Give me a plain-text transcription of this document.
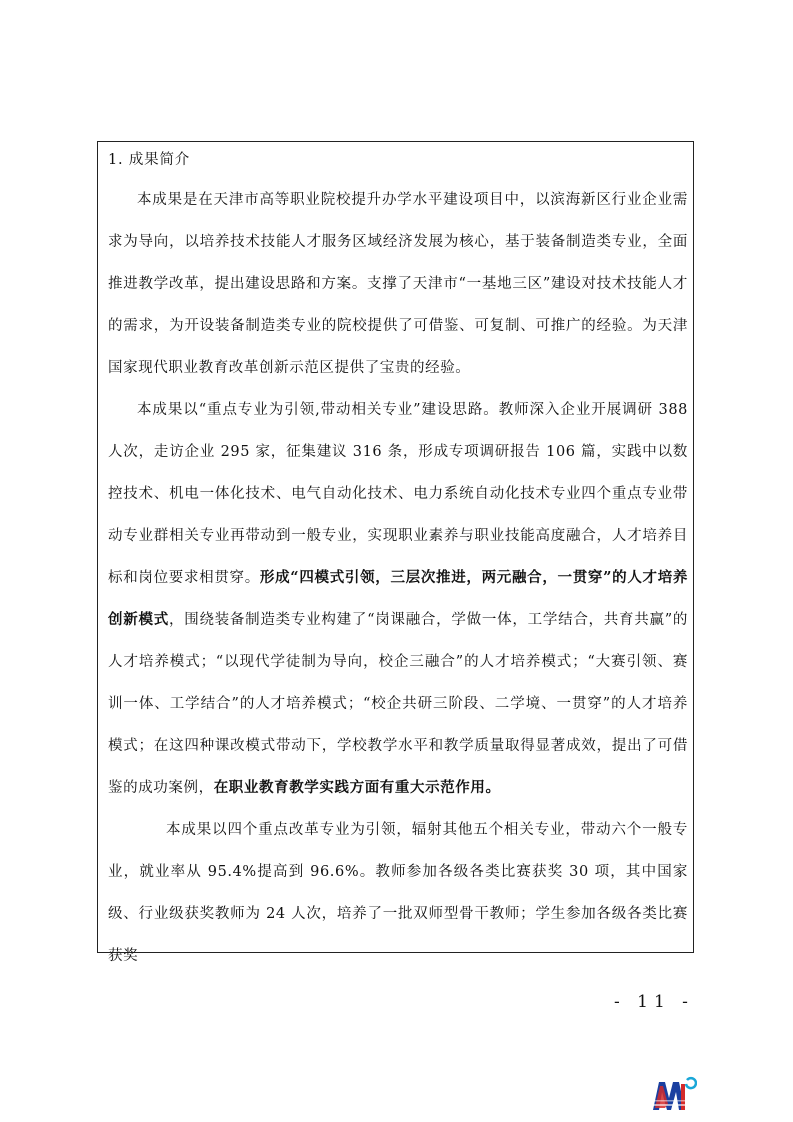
1. 成果简介

本成果是在天津市高等职业院校提升办学水平建设项目中，以滨海新区行业企业需求为导向，以培养技术技能人才服务区域经济发展为核心，基于装备制造类专业，全面推进教学改革，提出建设思路和方案。支撑了天津市“一基地三区”建设对技术技能人才的需求，为开设装备制造类专业的院校提供了可借鉴、可复制、可推广的经验。为天津国家现代职业教育改革创新示范区提供了宝贵的经验。

本成果以“重点专业为引领,带动相关专业”建设思路。教师深入企业开展调研 388 人次，走访企业 295 家，征集建议 316 条，形成专项调研报告 106 篇，实践中以数控技术、机电一体化技术、电气自动化技术、电力系统自动化技术专业四个重点专业带动专业群相关专业再带动到一般专业，实现职业素养与职业技能高度融合，人才培养目标和岗位要求相贯穿。形成“四模式引领，三层次推进，两元融合，一贯穿”的人才培养创新模式，围绕装备制造类专业构建了“岗课融合，学做一体，工学结合，共育共赢”的人才培养模式；“以现代学徒制为导向，校企三融合”的人才培养模式；“大赛引领、赛训一体、工学结合”的人才培养模式；“校企共研三阶段、二学境、一贯穿”的人才培养模式；在这四种课改模式带动下，学校教学水平和教学质量取得显著成效，提出了可借鉴的成功案例，在职业教育教学实践方面有重大示范作用。

本成果以四个重点改革专业为引领，辐射其他五个相关专业，带动六个一般专业，就业率从 95.4%提高到 96.6%。教师参加各级各类比赛获奖 30 项，其中国家级、行业级获奖教师为 24 人次，培养了一批双师型骨干教师；学生参加各级各类比赛获奖

- 11 -
